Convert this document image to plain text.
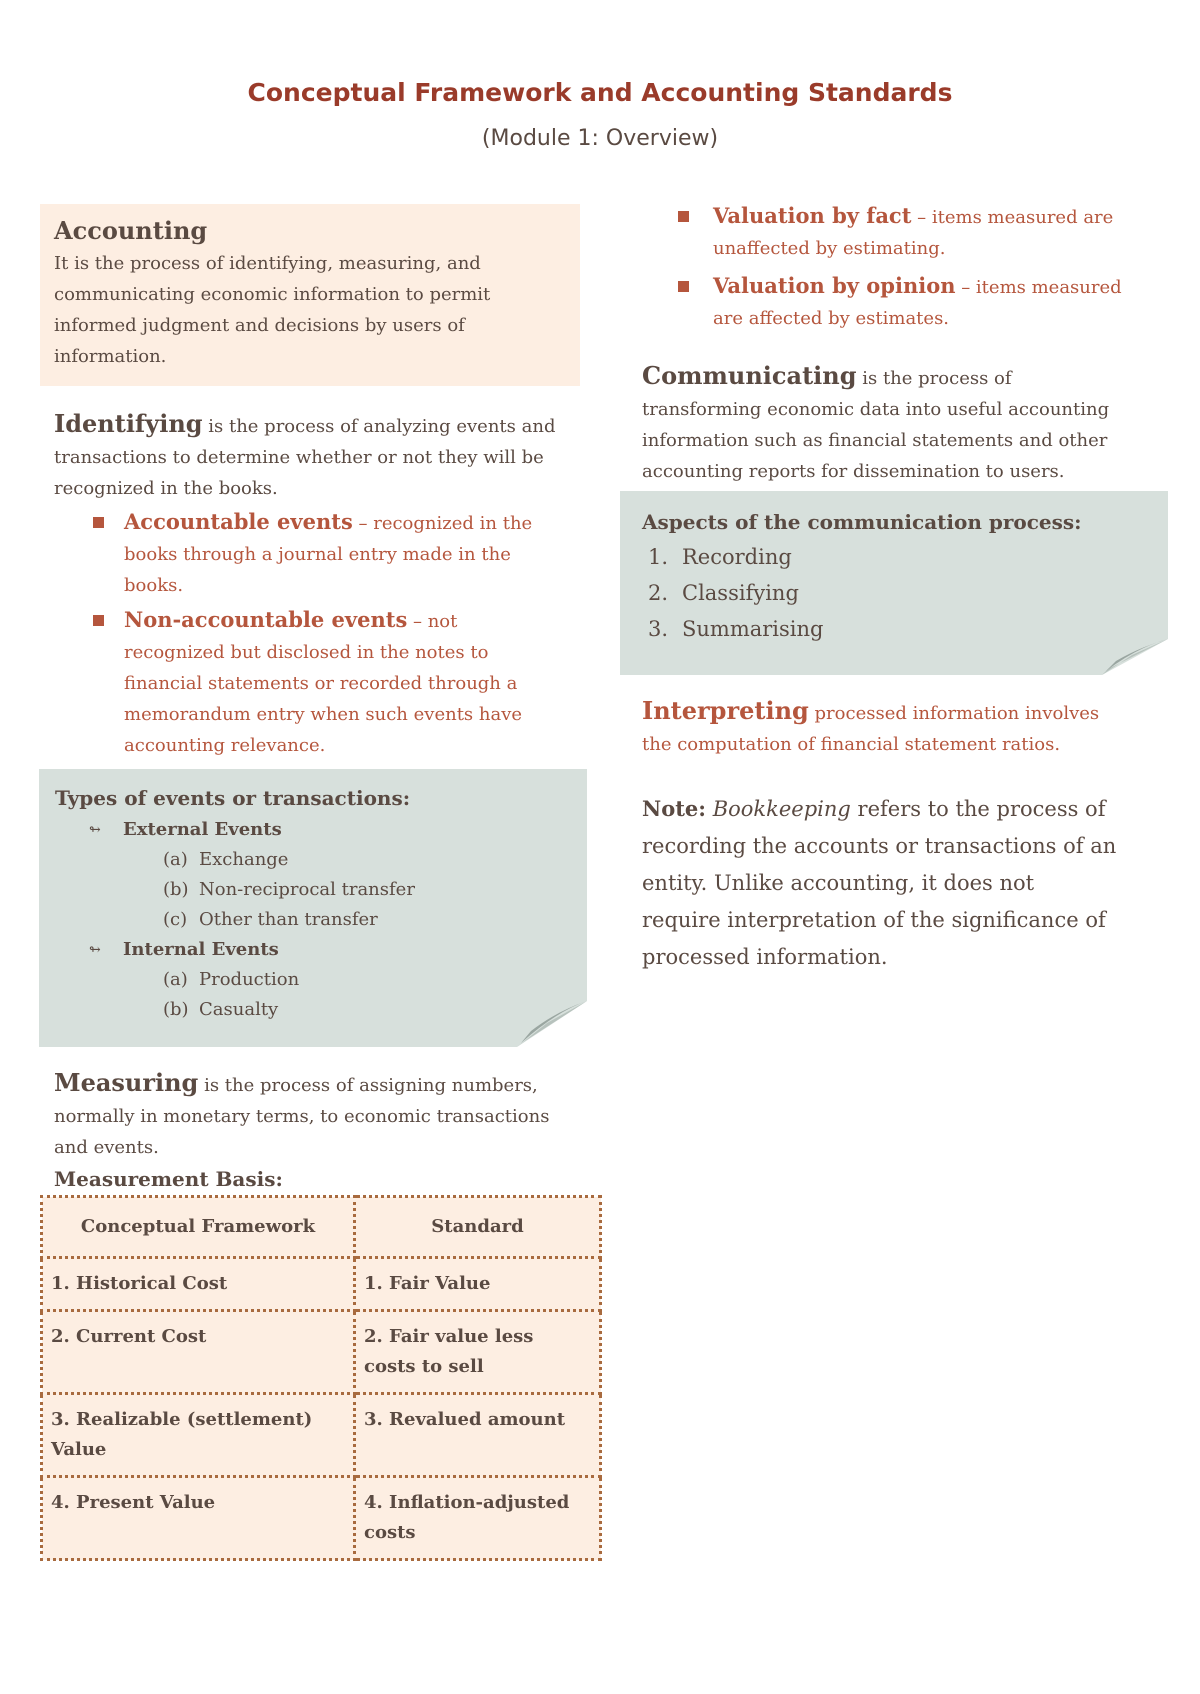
Conceptual Framework and Accounting Standards
(Module 1: Overview)
Accounting
It is the process of identifying, measuring, and communicating economic information to permit informed judgment and decisions by users of information.

Identifying is the process of analyzing events and transactions to determine whether or not they will be recognized in the books.

Accountable events – recognized in the books through a journal entry made in the books.

Non-accountable events – not recognized but disclosed in the notes to financial statements or recorded through a memorandum entry when such events have accounting relevance.

Types of events or transactions:
↬	External Events
(a) Exchange
(b) Non-reciprocal transfer
(c) Other than transfer
↬	Internal Events
(a) Production
(b) Casualty

Measuring is the process of assigning numbers, normally in monetary terms, to economic transactions and events.

Measurement Basis:
Conceptual Framework	Standard
1. Historical Cost	1. Fair Value
2. Current Cost	2. Fair value less costs to sell
3. Realizable (settlement) Value	3. Revalued amount
4. Present Value	4. Inflation-adjusted costs

Valuation by fact – items measured are unaffected by estimating.

Valuation by opinion – items measured are affected by estimates.

Communicating is the process of transforming economic data into useful accounting information such as financial statements and other accounting reports for dissemination to users.

Aspects of the communication process:
1. Recording
2. Classifying
3. Summarising

Interpreting processed information involves the computation of financial statement ratios.

Note: Bookkeeping refers to the process of recording the accounts or transactions of an entity. Unlike accounting, it does not require interpretation of the significance of processed information.
